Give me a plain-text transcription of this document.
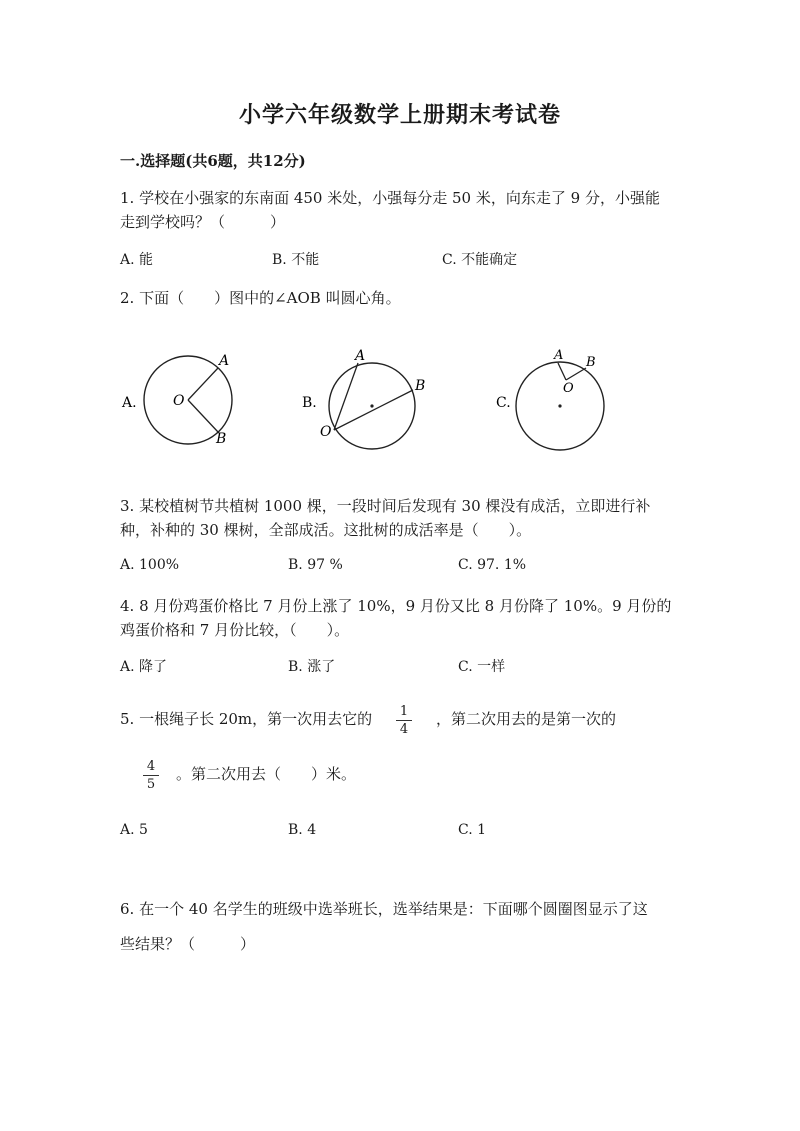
小学六年级数学上册期末考试卷
一.选择题(共6题，共12分)
1. 学校在小强家的东南面 450 米处，小强每分走 50 米，向东走了 9 分，小强能
走到学校吗？（　　　）
A. 能	B. 不能	C. 不能确定
2. 下面（　　）图中的∠AOB 叫圆心角。
A.	O
A
B
B.
A
B
O
C.
A B
O
3. 某校植树节共植树 1000 棵，一段时间后发现有 30 棵没有成活，立即进行补
种，补种的 30 棵树，全部成活。这批树的成活率是（　　）。
A. 100%	B. 97 %	C. 97. 1%
4. 8 月份鸡蛋价格比 7 月份上涨了 10%，9 月份又比 8 月份降了 10%。9 月份的
鸡蛋价格和 7 月份比较，（　　）。
A. 降了	B. 涨了	C. 一样
5. 一根绳子长 20m，第一次用去它的 $\frac{1}{4}$ ，第二次用去的是第一次的
$\frac{4}{5}$ 。第二次用去（　　）米。
A. 5	B. 4	C. 1
6. 在一个 40 名学生的班级中选举班长，选举结果是：下面哪个圆圈图显示了这
些结果？（　　　）
